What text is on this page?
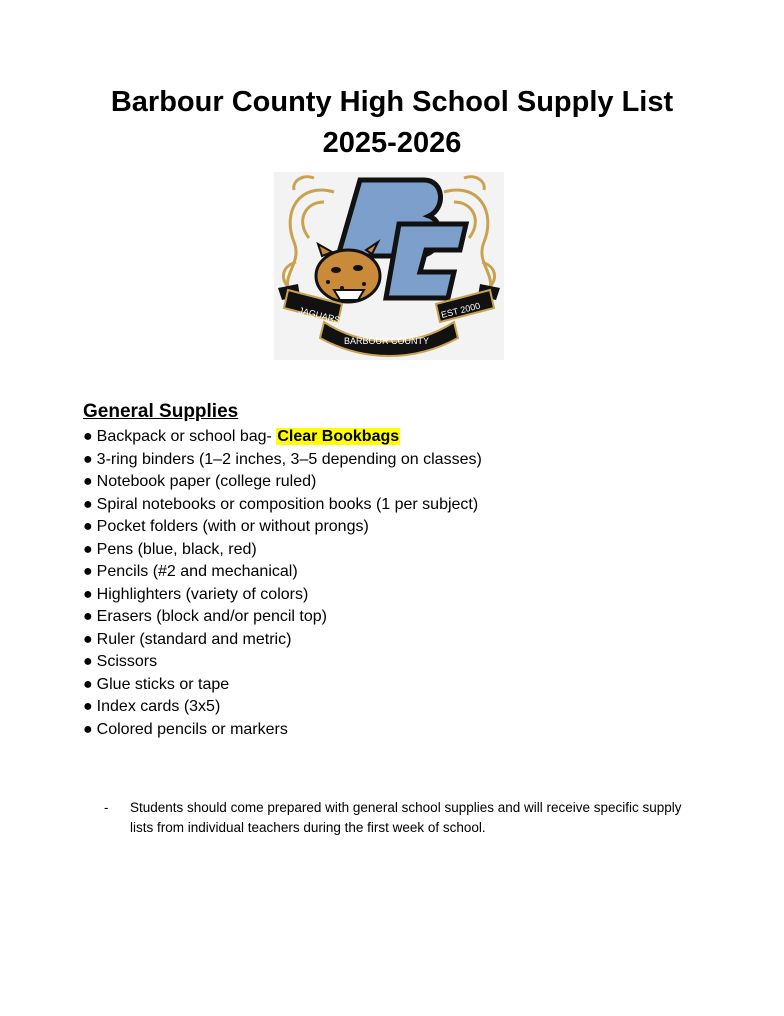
Barbour County High School Supply List
2025-2026
JAGUARS	EST 2000
BARBOUR COUNTY
General Supplies
● Backpack or school bag- Clear Bookbags
● 3-ring binders (1–2 inches, 3–5 depending on classes)
● Notebook paper (college ruled)
● Spiral notebooks or composition books (1 per subject)
● Pocket folders (with or without prongs)
● Pens (blue, black, red)
● Pencils (#2 and mechanical)
● Highlighters (variety of colors)
● Erasers (block and/or pencil top)
● Ruler (standard and metric)
● Scissors
● Glue sticks or tape
● Index cards (3x5)
● Colored pencils or markers
-	Students should come prepared with general school supplies and will receive specific supply lists from individual teachers during the first week of school.
